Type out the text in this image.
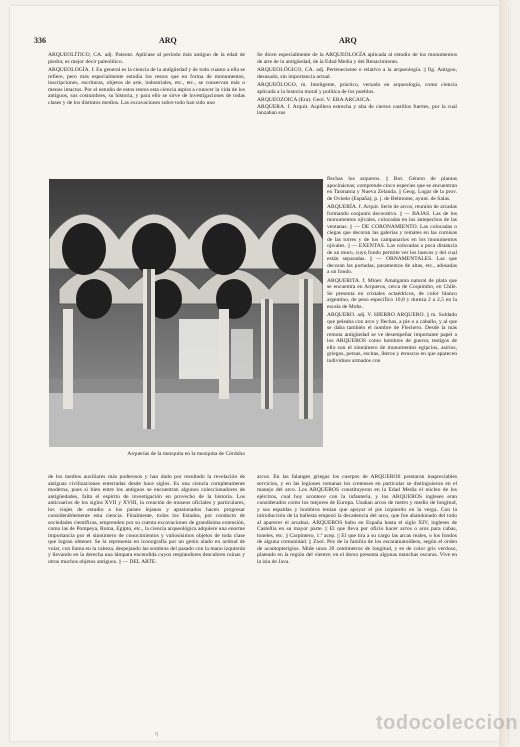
336	ARQ	ARQ

ARQUEOLÍTICO, CA. adj. Paleont. Aplícase al período más antiguo de la edad de piedra; es mejor decir paleolítico.

ARQUEOLOGÍA. f. En general es la ciencia de la antigüedad y de todo cuanto a ella se refiere, pero más especialmente estudia los restos que en forma de monumentos, inscripciones, escrituras, objetos de arte, industriales, etc., etc., se conservan más o menos intactos. Por el estudio de estos restos esta ciencia aspira a conocer la vida de los antiguos, sus costumbres, su historia, y para ello se sirve de investigaciones de todas clases y de los distintos medios. Las excavaciones sobre todo han sido uno

Se dicen especialmente de la ARQUEOLOGÍA aplicada al estudio de los monumentos de arte de la antigüedad, de la Edad Media y del Renacimiento.

ARQUEOLÓGICO, CA. adj. Perteneciente o relativo a la arqueología. || fig. Antiguo, desusado, sin importancia actual.

ARQUEÓLOGO, m. Inteligente, práctico, versado en arqueología, como ciencia aplicada a la historia moral y política de los pueblos.

ARQUEOZOICA (Era). Geol. V. ERA ARCAICA.

ARQUERA. f. Arquit. Aspillera estrecha y alta de ciertos castillos fuertes, por la cual lanzaban sus

flechas los arqueros. || Bot. Género de plantas apocináceas; comprende cinco especies que se encuentran en Tasmania y Nueva Zelanda. || Geog. Lugar de la prov. de Oviedo (España), p. j. de Belmonte, ayunt. de Salas.

ARQUERÍA. f. Arquit. Serie de arcos, reunión de arcadas formando conjunto decorativo. || — BAJAS. Las de los monumentos ojivales, colocadas en los antepechos de las ventanas. || — DE CORONAMIENTO. Las colocadas o ciegas que decoran las galerías y remates en las cornisas de las torres y de los campanarios en los monumentos ojivales. || — EXENTAS. Las colocadas a poca distancia de un muro, cuyo fondo permite ver los huecos y del cual están separadas. || — ORNAMENTALES. Las que decoran las portadas, paramentos de altas, etc., adosadas a un fondo.

ARQUERITA. f. Miner. Amalgama natural de plata que se encuentra en Arqueros, cerca de Coquimbo, en Chile. Se presenta en cristales octaédricos, de color blanco argentino, de peso específico 10,8 y dureza 2 a 2,5 en la escala de Mohs.

ARQUERO. adj. V. HIERRO ARQUERO. || m. Soldado que peleaba con arco y flechas, a pie o a caballo, y al que se daba también el nombre de Flechero. Desde la más remota antigüedad se ve desempeñar importante papel a los ARQUEROS como hombres de guerra; testigos de ello son el sinnúmero de monumentos egipcios, asirios, griegos, persas, escitas, íberos y etruscos en que aparecen individuos armados con

Arquerías de la mezquita en la mezquita de Córdoba

de los medios auxiliares más poderosos y han dado por resultado la revelación de antiguas civilizaciones enterradas desde hace siglos. Es una ciencia completamente moderna, pues si bien entre los antiguos se encuentran algunos coleccionadores de antigüedades, falta el espíritu de investigación en provecho de la historia. Los anticuarios de los siglos XVII y XVIII, la creación de museos oficiales y particulares, los viajes de estudio a los países lejanos y apasionados hacen progresar considerablemente esta ciencia. Finalmente, todos los Estados, por conducto de sociedades científicas, emprenden por su cuenta excavaciones de grandísima extensión, como las de Pompeya, Roma, Egipto, etc., la ciencia arqueológica adquiere una enorme importancia por el sinnúmero de conocimientos y valiosísimos objetos de toda clase que logran obtener. Se la representa en iconografía por un genio alado en actitud de volar, con llama en la cabeza, despejando las sombras del pasado con la mano izquierda y llevando en la derecha una lámpara encendida cuyos resplandores descubren ruinas y otros muchos objetos antiguos. || — DEL ARTE.

arcos. En las falanges griegas los cuerpos de ARQUEROS prestaron inapreciables servicios, y en las legiones romanas los cretenses en particular se distinguieron en el manejo del arco. Los ARQUEROS constituyeron en la Edad Media el núcleo de los ejércitos, cual hoy acontece con la infantería, y los ARQUEROS ingleses eran considerados como los mejores de Europa. Usaban arcos de metro y medio de longitud, y sus espaldas y hombros tenían que apoyar el pie izquierdo en la verga. Con la introducción de la ballesta empezó la decadencia del arco, que fue abandonado del todo al aparecer el arcabuz. ARQUEROS hubo en España hasta el siglo XIV, ingleses de Castellia en su mayor parte. || El que lleva por oficio hacer arcos o aros para cubas, toneles, etc. || Carpintero, 1.ª acep. || El que tira a su cargo las arcas reales, o los fondos de alguna comunidad. || Zool. Pez de la familia de los escaramatoídeos, según el orden de acantopterigios. Mide unos 20 centímetros de longitud, y es de color gris verdoso, plateado en la región del vientre; en el dorso presenta algunas manchas oscuras. Vive en la isla de Java.

q	todocoleccion
